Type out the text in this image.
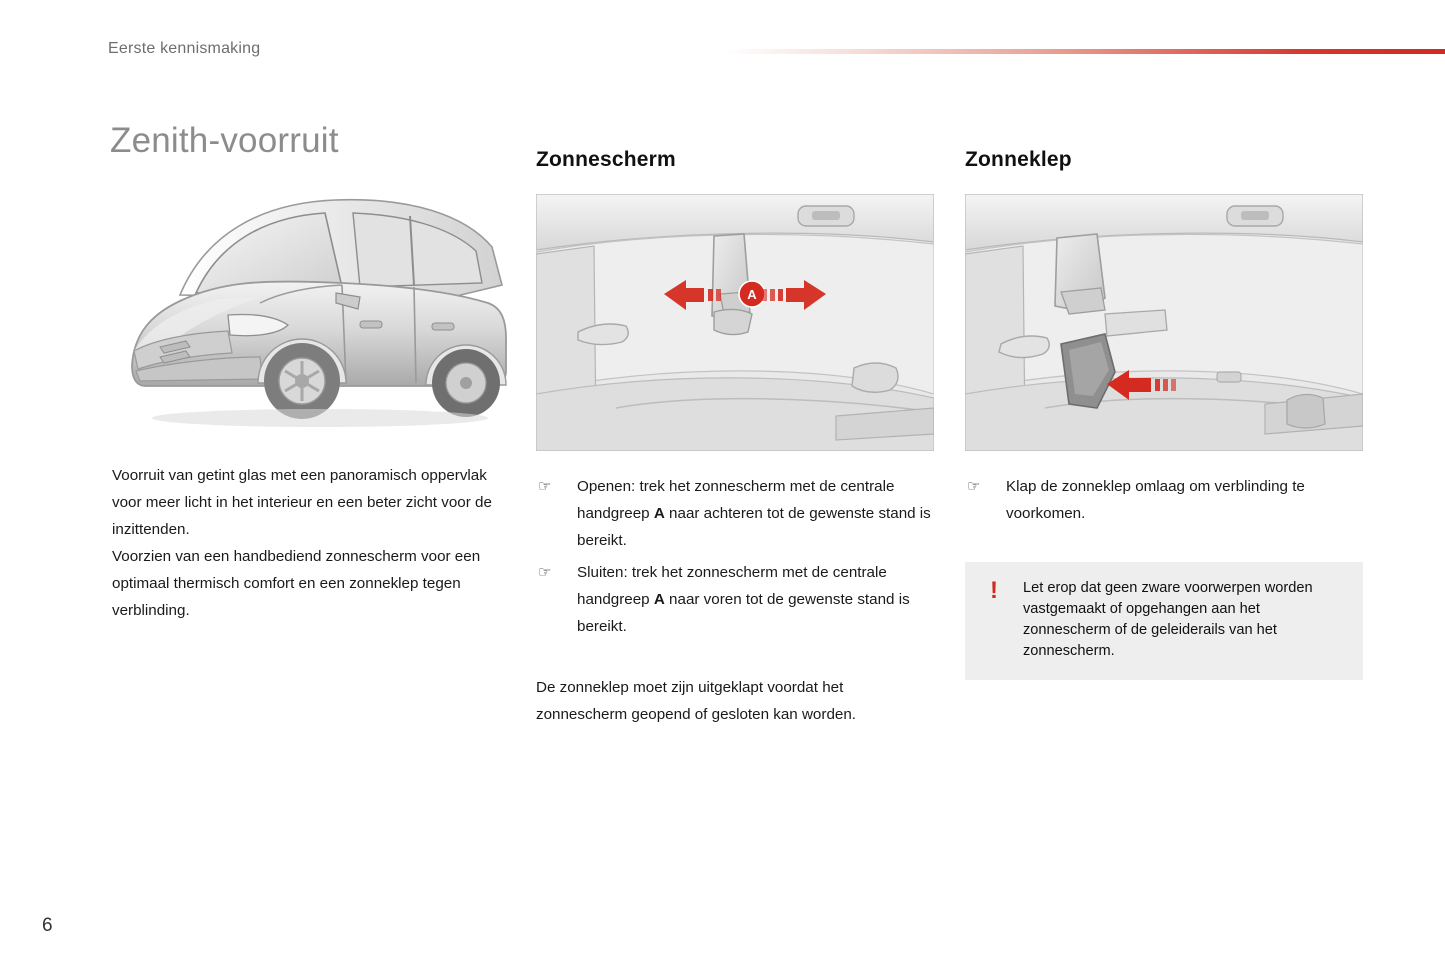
Eerste kennismaking
Zenith-voorruit

Voorruit van getint glas met een panoramisch oppervlak voor meer licht in het interieur en een beter zicht voor de inzittenden.

Voorzien van een handbediend zonnescherm voor een optimaal thermisch comfort en een zonneklep tegen verblinding.

Zonnescherm
A
☞ Openen: trek het zonnescherm met de centrale handgreep A naar achteren tot de gewenste stand is bereikt.
☞ Sluiten: trek het zonnescherm met de centrale handgreep A naar voren tot de gewenste stand is bereikt.
De zonneklep moet zijn uitgeklapt voordat het zonnescherm geopend of gesloten kan worden.
Zonneklep
☞ Klap de zonneklep omlaag om verblinding te voorkomen.
!	Let erop dat geen zware voorwerpen worden vastgemaakt of opgehangen aan het zonnescherm of de geleiderails van het zonnescherm.
6
